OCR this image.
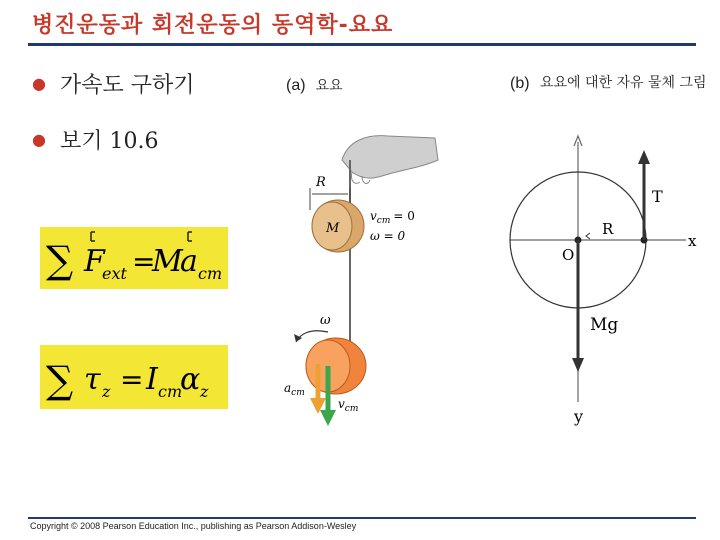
병진운동과 회전운동의 동역학-요요
● 가속도 구하기
● 보기 10.6
∑ F
ext =
M
a cm
∑ τ z = I cm
α z
(a) 요요
R
M
$v_{cm} = 0$
ω = 0
ω
$a_{cm}$
$v_{cm}$
(b) 요요에 대한 자유 물체 그림
T
R
O
Mg
x
y
Copyright © 2008 Pearson Education Inc., publishing as Pearson Addison-Wesley
